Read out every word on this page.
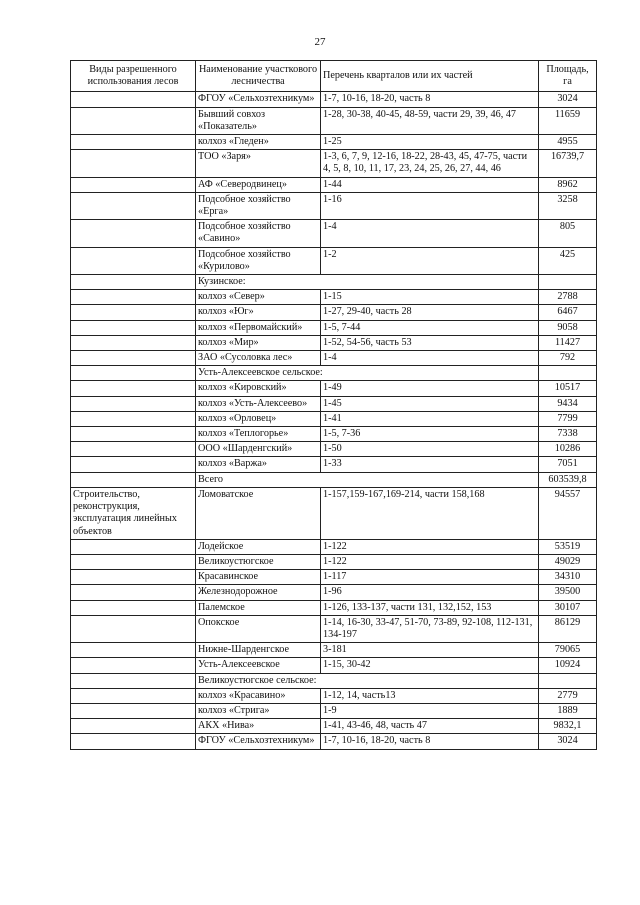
27
Виды разрешенного использования лесов	Наименование участкового лесничества	Перечень кварталов или их частей	Площадь, га
	ФГОУ «Сельхозтехникум»	1-7, 10-16, 18-20, часть 8	3024
	Бывший совхоз «Показатель»	1-28, 30-38, 40-45, 48-59, части 29, 39, 46, 47	11659
	колхоз «Гледен»	1-25	4955
	ТОО «Заря»	1-3, 6, 7, 9, 12-16, 18-22, 28-43, 45, 47-75, части 4, 5, 8, 10, 11, 17, 23, 24, 25, 26, 27, 44, 46	16739,7
	АФ «Северодвинец»	1-44	8962
	Подсобное хозяйство «Ерга»	1-16	3258
	Подсобное хозяйство «Савино»	1-4	805
	Подсобное хозяйство «Курилово»	1-2	425
	Кузинское:		
	колхоз «Север»	1-15	2788
	колхоз «Юг»	1-27, 29-40, часть 28	6467
	колхоз «Первомайский»	1-5, 7-44	9058
	колхоз «Мир»	1-52, 54-56, часть 53	11427
	ЗАО «Сусоловка лес»	1-4	792
	Усть-Алексеевское сельское:		
	колхоз «Кировский»	1-49	10517
	колхоз «Усть-Алексеево»	1-45	9434
	колхоз «Орловец»	1-41	7799
	колхоз «Теплогорье»	1-5, 7-36	7338
	ООО «Шарденгский»	1-50	10286
	колхоз «Варжа»	1-33	7051
	Всего		603539,8
Строительство, реконструкция, эксплуатация линейных объектов	Ломоватское	1-157,159-167,169-214, части 158,168	94557
	Лодейское	1-122	53519
	Великоустюгское	1-122	49029
	Красавинское	1-117	34310
	Железнодорожное	1-96	39500
	Палемское	1-126, 133-137, части 131, 132,152, 153	30107
	Опокское	1-14, 16-30, 33-47, 51-70, 73-89, 92-108, 112-131, 134-197	86129
	Нижне-Шарденгское	3-181	79065
	Усть-Алексеевское	1-15, 30-42	10924
	Великоустюгское сельское:		
	колхоз «Красавино»	1-12, 14, часть13	2779
	колхоз «Стрига»	1-9	1889
	АКХ «Нива»	1-41, 43-46, 48, часть 47	9832,1
	ФГОУ «Сельхозтехникум»	1-7, 10-16, 18-20, часть 8	3024
